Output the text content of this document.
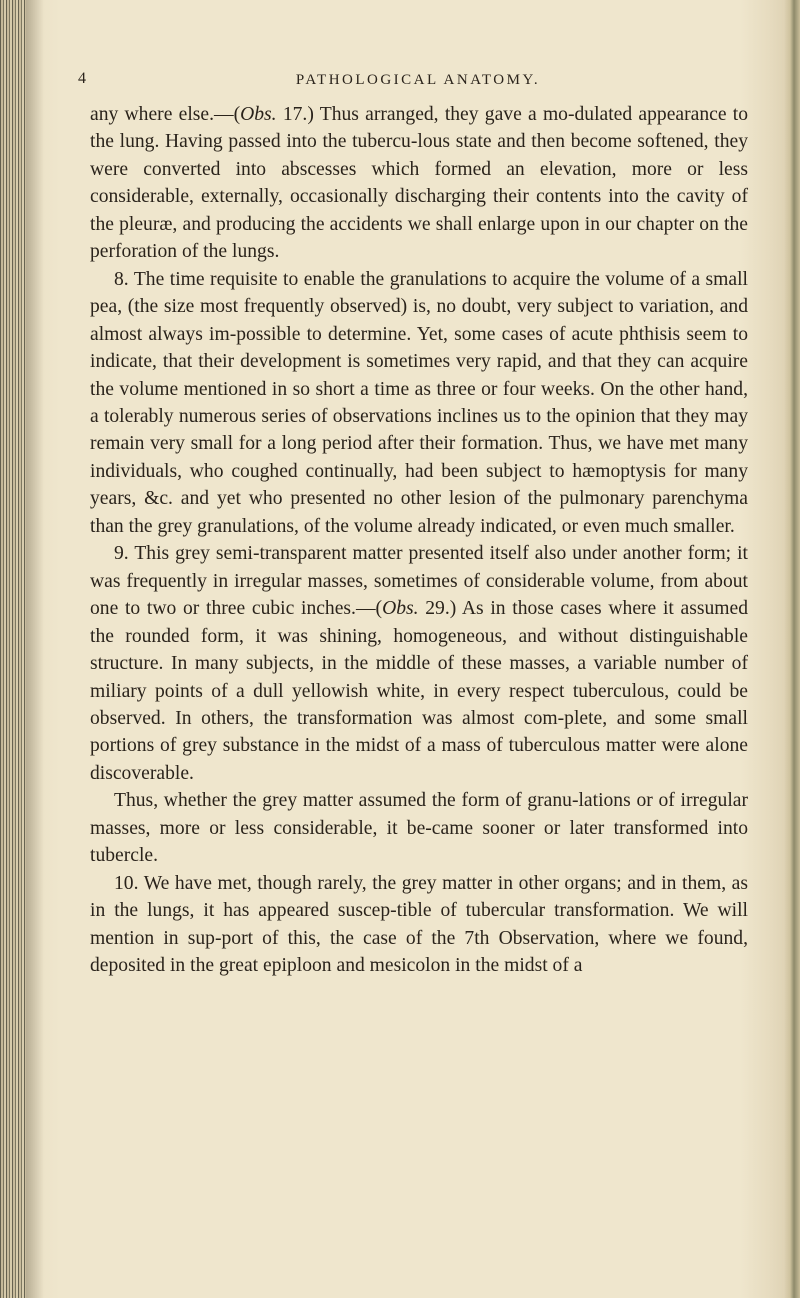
4	PATHOLOGICAL ANATOMY.

any where else.—(Obs. 17.) Thus arranged, they gave a mo-dulated appearance to the lung. Having passed into the tubercu-lous state and then become softened, they were converted into abscesses which formed an elevation, more or less considerable, externally, occasionally discharging their contents into the cavity of the pleuræ, and producing the accidents we shall enlarge upon in our chapter on the perforation of the lungs.

8. The time requisite to enable the granulations to acquire the volume of a small pea, (the size most frequently observed) is, no doubt, very subject to variation, and almost always im-possible to determine. Yet, some cases of acute phthisis seem to indicate, that their development is sometimes very rapid, and that they can acquire the volume mentioned in so short a time as three or four weeks. On the other hand, a tolerably numerous series of observations inclines us to the opinion that they may remain very small for a long period after their formation. Thus, we have met many individuals, who coughed continually, had been subject to hæmoptysis for many years, &c. and yet who presented no other lesion of the pulmonary parenchyma than the grey granulations, of the volume already indicated, or even much smaller.

9. This grey semi-transparent matter presented itself also under another form; it was frequently in irregular masses, sometimes of considerable volume, from about one to two or three cubic inches.—(Obs. 29.) As in those cases where it assumed the rounded form, it was shining, homogeneous, and without distinguishable structure. In many subjects, in the middle of these masses, a variable number of miliary points of a dull yellowish white, in every respect tuberculous, could be observed. In others, the transformation was almost com-plete, and some small portions of grey substance in the midst of a mass of tuberculous matter were alone discoverable.

Thus, whether the grey matter assumed the form of granu-lations or of irregular masses, more or less considerable, it be-came sooner or later transformed into tubercle.

10. We have met, though rarely, the grey matter in other organs; and in them, as in the lungs, it has appeared suscep-tible of tubercular transformation. We will mention in sup-port of this, the case of the 7th Observation, where we found, deposited in the great epiploon and mesicolon in the midst of a
